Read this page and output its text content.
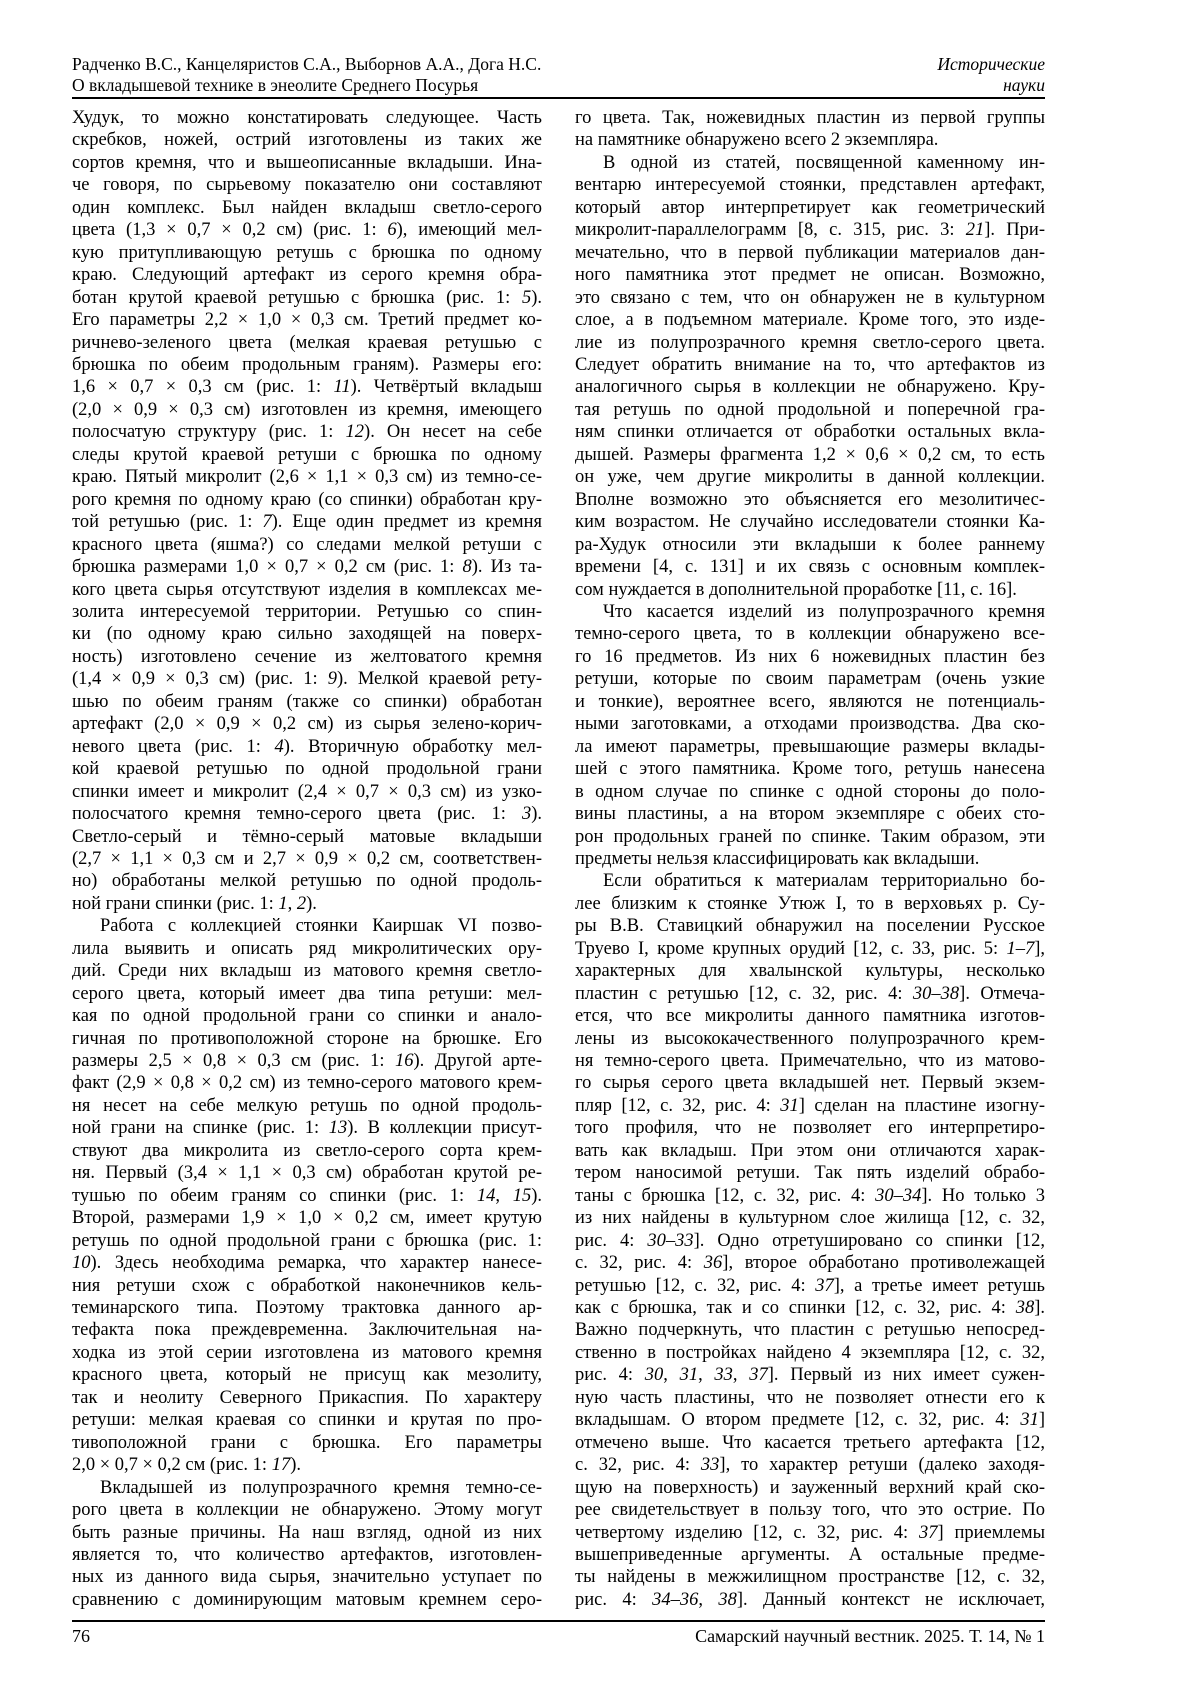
Радченко В.С., Канцеляристов С.А., Выборнов А.А., Дога Н.С.
О вкладышевой технике в энеолите Среднего Посурья
Исторические
науки
Худук, то можно констатировать следующее. Часть
скребков, ножей, острий изготовлены из таких же
сортов кремня, что и вышеописанные вкладыши. Ина-
че говоря, по сырьевому показателю они составляют
один комплекс. Был найден вкладыш светло-серого
цвета (1,3 × 0,7 × 0,2 см) (рис. 1: 6), имеющий мел-
кую притупливающую ретушь с брюшка по одному
краю. Следующий артефакт из серого кремня обра-
ботан крутой краевой ретушью с брюшка (рис. 1: 5).
Его параметры 2,2 × 1,0 × 0,3 см. Третий предмет ко-
ричнево-зеленого цвета (мелкая краевая ретушью с
брюшка по обеим продольным граням). Размеры его:
1,6 × 0,7 × 0,3 см (рис. 1: 11). Четвёртый вкладыш
(2,0 × 0,9 × 0,3 см) изготовлен из кремня, имеющего
полосчатую структуру (рис. 1: 12). Он несет на себе
следы крутой краевой ретуши с брюшка по одному
краю. Пятый микролит (2,6 × 1,1 × 0,3 см) из темно-се-
рого кремня по одному краю (со спинки) обработан кру-
той ретушью (рис. 1: 7). Еще один предмет из кремня
красного цвета (яшма?) со следами мелкой ретуши с
брюшка размерами 1,0 × 0,7 × 0,2 см (рис. 1: 8). Из та-
кого цвета сырья отсутствуют изделия в комплексах ме-
золита интересуемой территории. Ретушью со спин-
ки (по одному краю сильно заходящей на поверх-
ность) изготовлено сечение из желтоватого кремня
(1,4 × 0,9 × 0,3 см) (рис. 1: 9). Мелкой краевой рету-
шью по обеим граням (также со спинки) обработан
артефакт (2,0 × 0,9 × 0,2 см) из сырья зелено-корич-
невого цвета (рис. 1: 4). Вторичную обработку мел-
кой краевой ретушью по одной продольной грани
спинки имеет и микролит (2,4 × 0,7 × 0,3 см) из узко-
полосчатого кремня темно-серого цвета (рис. 1: 3).
Светло-серый и тёмно-серый матовые вкладыши
(2,7 × 1,1 × 0,3 см и 2,7 × 0,9 × 0,2 см, соответствен-
но) обработаны мелкой ретушью по одной продоль-
ной грани спинки (рис. 1: 1, 2).
Работа с коллекцией стоянки Каиршак VI позво-
лила выявить и описать ряд микролитических ору-
дий. Среди них вкладыш из матового кремня светло-
серого цвета, который имеет два типа ретуши: мел-
кая по одной продольной грани со спинки и анало-
гичная по противоположной стороне на брюшке. Его
размеры 2,5 × 0,8 × 0,3 см (рис. 1: 16). Другой арте-
факт (2,9 × 0,8 × 0,2 см) из темно-серого матового крем-
ня несет на себе мелкую ретушь по одной продоль-
ной грани на спинке (рис. 1: 13). В коллекции присут-
ствуют два микролита из светло-серого сорта крем-
ня. Первый (3,4 × 1,1 × 0,3 см) обработан крутой ре-
тушью по обеим граням со спинки (рис. 1: 14, 15).
Второй, размерами 1,9 × 1,0 × 0,2 см, имеет крутую
ретушь по одной продольной грани с брюшка (рис. 1:
10). Здесь необходима ремарка, что характер нанесе-
ния ретуши схож с обработкой наконечников кель-
теминарского типа. Поэтому трактовка данного ар-
тефакта пока преждевременна. Заключительная на-
ходка из этой серии изготовлена из матового кремня
красного цвета, который не присущ как мезолиту,
так и неолиту Северного Прикаспия. По характеру
ретуши: мелкая краевая со спинки и крутая по про-
тивоположной грани с брюшка. Его параметры
2,0 × 0,7 × 0,2 см (рис. 1: 17).
Вкладышей из полупрозрачного кремня темно-се-
рого цвета в коллекции не обнаружено. Этому могут
быть разные причины. На наш взгляд, одной из них
является то, что количество артефактов, изготовлен-
ных из данного вида сырья, значительно уступает по
сравнению с доминирующим матовым кремнем серо-
го цвета. Так, ножевидных пластин из первой группы
на памятнике обнаружено всего 2 экземпляра.
В одной из статей, посвященной каменному ин-
вентарю интересуемой стоянки, представлен артефакт,
который автор интерпретирует как геометрический
микролит-параллелограмм [8, с. 315, рис. 3: 21]. При-
мечательно, что в первой публикации материалов дан-
ного памятника этот предмет не описан. Возможно,
это связано с тем, что он обнаружен не в культурном
слое, а в подъемном материале. Кроме того, это изде-
лие из полупрозрачного кремня светло-серого цвета.
Следует обратить внимание на то, что артефактов из
аналогичного сырья в коллекции не обнаружено. Кру-
тая ретушь по одной продольной и поперечной гра-
ням спинки отличается от обработки остальных вкла-
дышей. Размеры фрагмента 1,2 × 0,6 × 0,2 см, то есть
он уже, чем другие микролиты в данной коллекции.
Вполне возможно это объясняется его мезолитичес-
ким возрастом. Не случайно исследователи стоянки Ка-
ра-Худук относили эти вкладыши к более раннему
времени [4, с. 131] и их связь с основным комплек-
сом нуждается в дополнительной проработке [11, с. 16].
Что касается изделий из полупрозрачного кремня
темно-серого цвета, то в коллекции обнаружено все-
го 16 предметов. Из них 6 ножевидных пластин без
ретуши, которые по своим параметрам (очень узкие
и тонкие), вероятнее всего, являются не потенциаль-
ными заготовками, а отходами производства. Два ско-
ла имеют параметры, превышающие размеры вклады-
шей с этого памятника. Кроме того, ретушь нанесена
в одном случае по спинке с одной стороны до поло-
вины пластины, а на втором экземпляре с обеих сто-
рон продольных граней по спинке. Таким образом, эти
предметы нельзя классифицировать как вкладыши.
Если обратиться к материалам территориально бо-
лее близким к стоянке Утюж I, то в верховьях р. Су-
ры В.В. Ставицкий обнаружил на поселении Русское
Труево I, кроме крупных орудий [12, с. 33, рис. 5: 1–7],
характерных для хвалынской культуры, несколько
пластин с ретушью [12, с. 32, рис. 4: 30–38]. Отмеча-
ется, что все микролиты данного памятника изготов-
лены из высококачественного полупрозрачного крем-
ня темно-серого цвета. Примечательно, что из матово-
го сырья серого цвета вкладышей нет. Первый экзем-
пляр [12, с. 32, рис. 4: 31] сделан на пластине изогну-
того профиля, что не позволяет его интерпретиро-
вать как вкладыш. При этом они отличаются харак-
тером наносимой ретуши. Так пять изделий обрабо-
таны с брюшка [12, с. 32, рис. 4: 30–34]. Но только 3
из них найдены в культурном слое жилища [12, с. 32,
рис. 4: 30–33]. Одно отретушировано со спинки [12,
с. 32, рис. 4: 36], второе обработано противолежащей
ретушью [12, с. 32, рис. 4: 37], а третье имеет ретушь
как с брюшка, так и со спинки [12, с. 32, рис. 4: 38].
Важно подчеркнуть, что пластин с ретушью непосред-
ственно в постройках найдено 4 экземпляра [12, с. 32,
рис. 4: 30, 31, 33, 37]. Первый из них имеет сужен-
ную часть пластины, что не позволяет отнести его к
вкладышам. О втором предмете [12, с. 32, рис. 4: 31]
отмечено выше. Что касается третьего артефакта [12,
с. 32, рис. 4: 33], то характер ретуши (далеко заходя-
щую на поверхность) и зауженный верхний край ско-
рее свидетельствует в пользу того, что это острие. По
четвертому изделию [12, с. 32, рис. 4: 37] приемлемы
вышеприведенные аргументы. А остальные предме-
ты найдены в межжилищном пространстве [12, с. 32,
рис. 4: 34–36, 38]. Данный контекст не исключает,
76	Самарский научный вестник. 2025. Т. 14, № 1
